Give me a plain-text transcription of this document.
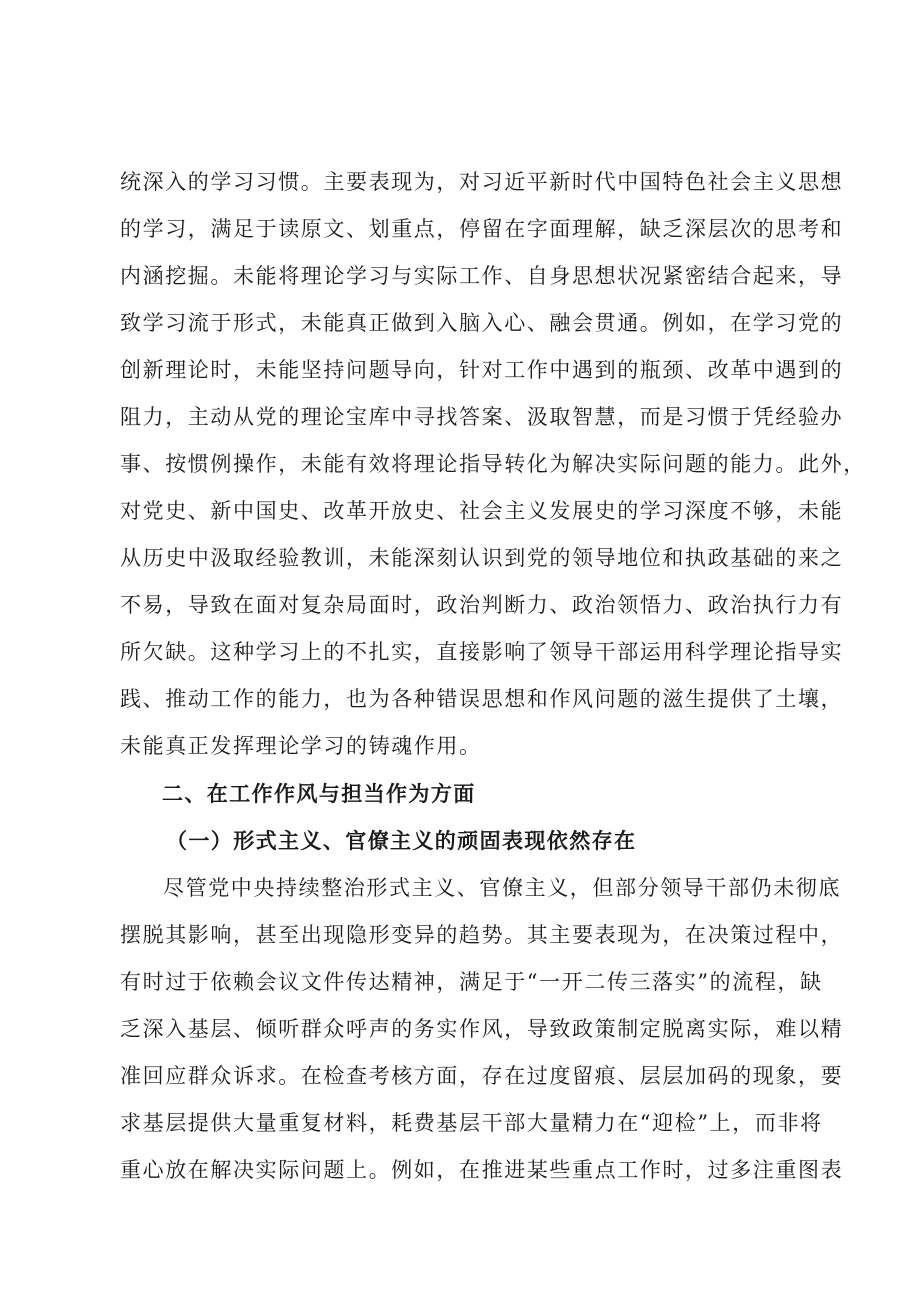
统深入的学习习惯。主要表现为，对习近平新时代中国特色社会主义思想
的学习，满足于读原文、划重点，停留在字面理解，缺乏深层次的思考和
内涵挖掘。未能将理论学习与实际工作、自身思想状况紧密结合起来，导
致学习流于形式，未能真正做到入脑入心、融会贯通。例如，在学习党的
创新理论时，未能坚持问题导向，针对工作中遇到的瓶颈、改革中遇到的
阻力，主动从党的理论宝库中寻找答案、汲取智慧，而是习惯于凭经验办
事、按惯例操作，未能有效将理论指导转化为解决实际问题的能力。此外，
对党史、新中国史、改革开放史、社会主义发展史的学习深度不够，未能
从历史中汲取经验教训，未能深刻认识到党的领导地位和执政基础的来之
不易，导致在面对复杂局面时，政治判断力、政治领悟力、政治执行力有
所欠缺。这种学习上的不扎实，直接影响了领导干部运用科学理论指导实
践、推动工作的能力，也为各种错误思想和作风问题的滋生提供了土壤，
未能真正发挥理论学习的铸魂作用。
二、在工作作风与担当作为方面
（一）形式主义、官僚主义的顽固表现依然存在
尽管党中央持续整治形式主义、官僚主义，但部分领导干部仍未彻底
摆脱其影响，甚至出现隐形变异的趋势。其主要表现为，在决策过程中，
有时过于依赖会议文件传达精神，满足于“一开二传三落实”的流程，缺
乏深入基层、倾听群众呼声的务实作风，导致政策制定脱离实际，难以精
准回应群众诉求。在检查考核方面，存在过度留痕、层层加码的现象，要
求基层提供大量重复材料，耗费基层干部大量精力在“迎检”上，而非将
重心放在解决实际问题上。例如，在推进某些重点工作时，过多注重图表
